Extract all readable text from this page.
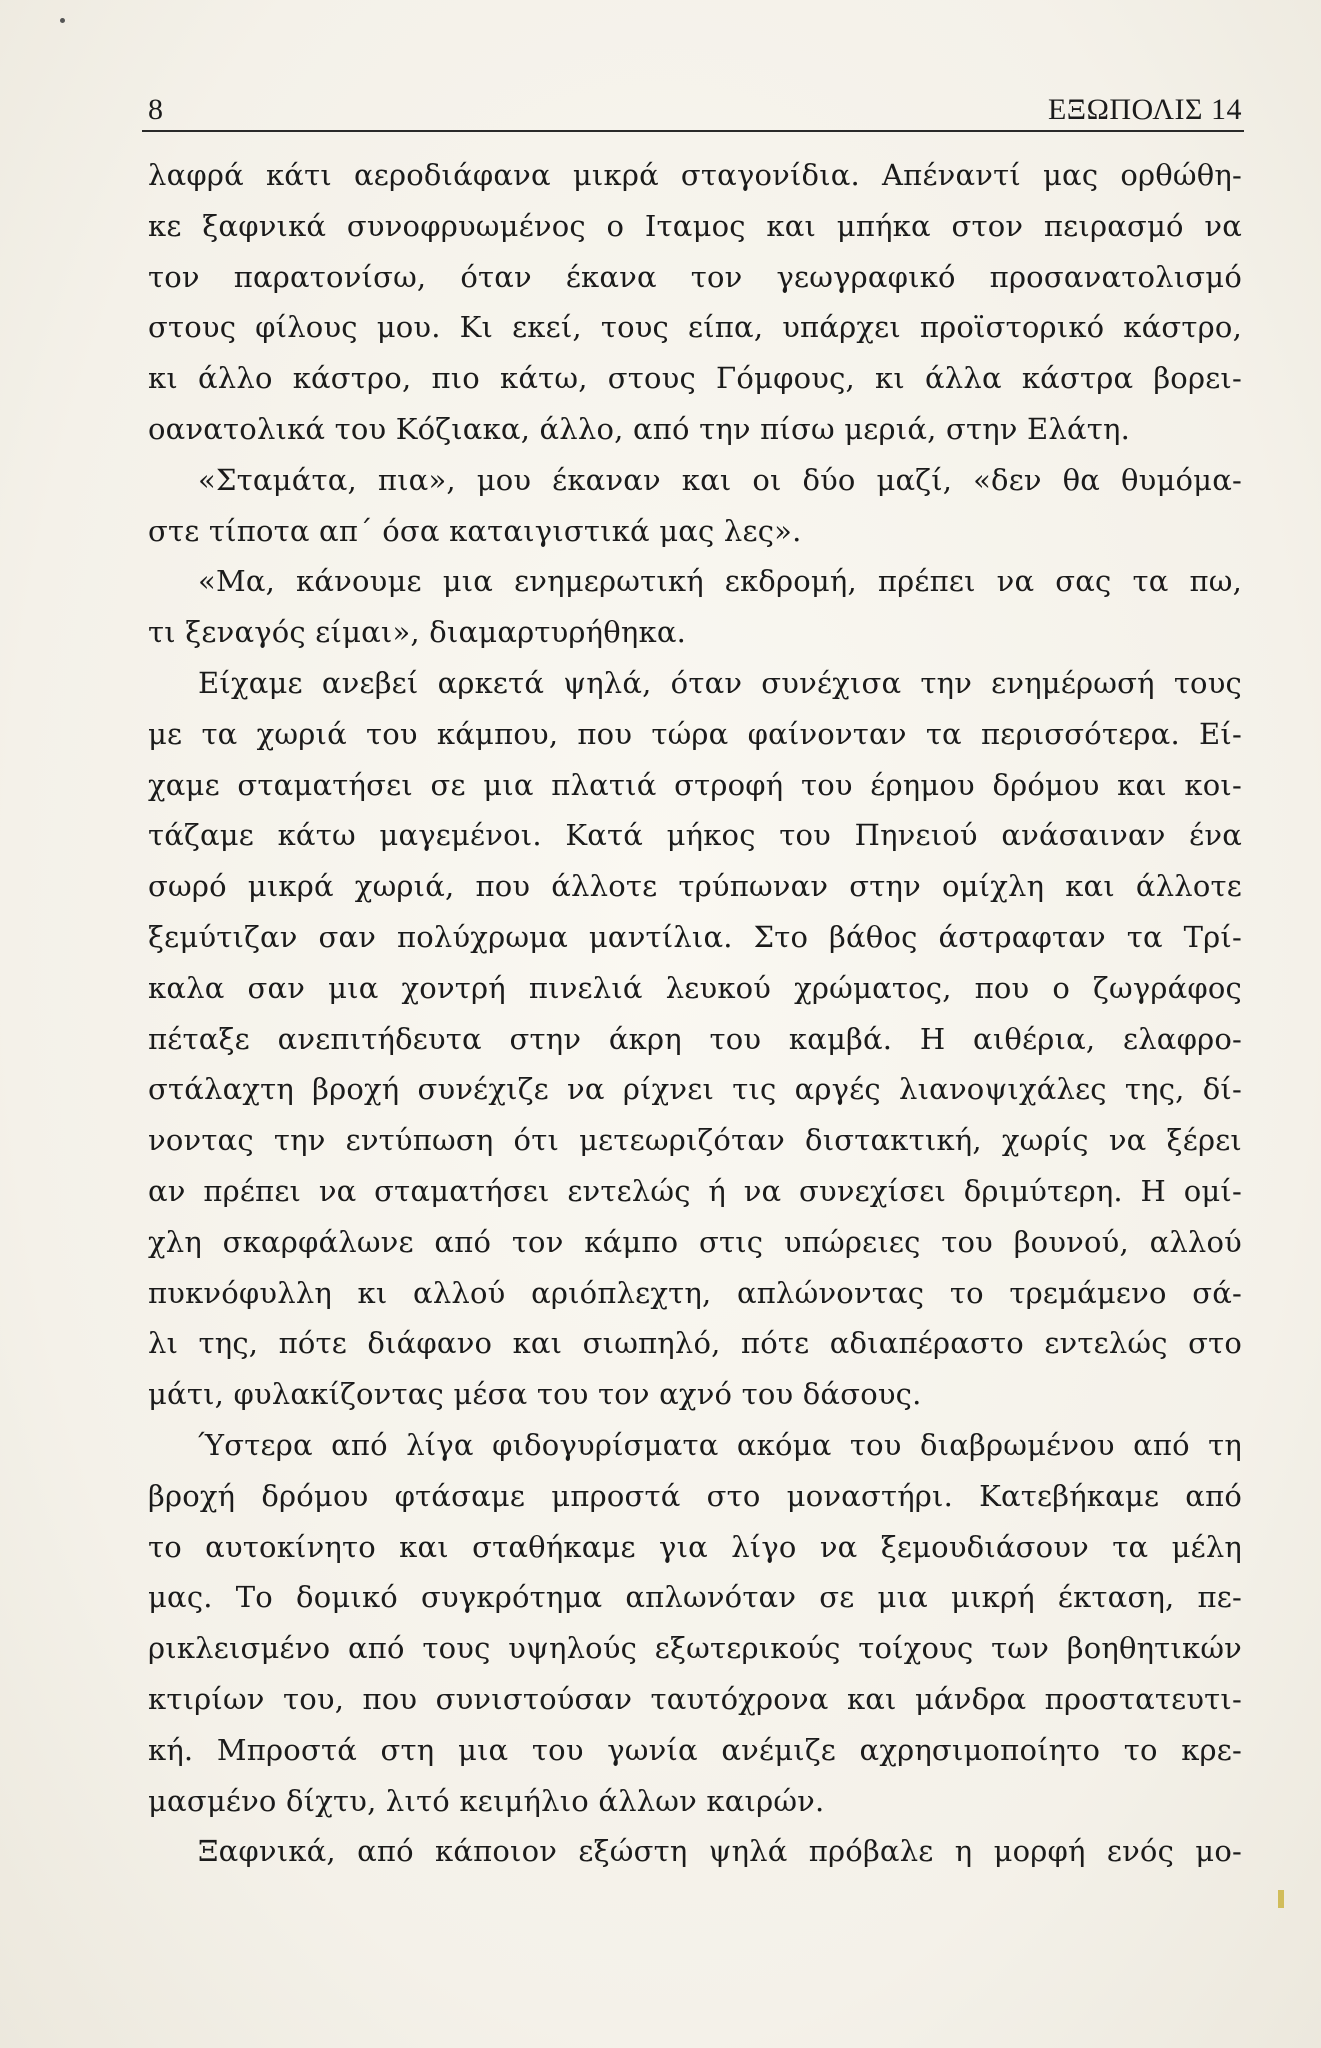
8	ΕΞΩΠΟΛΙΣ 14
λαφρά κάτι αεροδιάφανα μικρά σταγονίδια. Απέναντί μας ορθώθη-
κε ξαφνικά συνοφρυωμένος ο Ιταμος και μπήκα στον πειρασμό να
τον παρατονίσω, όταν έκανα τον γεωγραφικό προσανατολισμό
στους φίλους μου. Κι εκεί, τους είπα, υπάρχει προϊστορικό κάστρο,
κι άλλο κάστρο, πιο κάτω, στους Γόμφους, κι άλλα κάστρα βορει-
οανατολικά του Κόζιακα, άλλο, από την πίσω μεριά, στην Ελάτη.
«Σταμάτα, πια», μου έκαναν και οι δύο μαζί, «δεν θα θυμόμα-
στε τίποτα απ΄ όσα καταιγιστικά μας λες».
«Μα, κάνουμε μια ενημερωτική εκδρομή, πρέπει να σας τα πω,
τι ξεναγός είμαι», διαμαρτυρήθηκα.
Είχαμε ανεβεί αρκετά ψηλά, όταν συνέχισα την ενημέρωσή τους
με τα χωριά του κάμπου, που τώρα φαίνονταν τα περισσότερα. Εί-
χαμε σταματήσει σε μια πλατιά στροφή του έρημου δρόμου και κοι-
τάζαμε κάτω μαγεμένοι. Κατά μήκος του Πηνειού ανάσαιναν ένα
σωρό μικρά χωριά, που άλλοτε τρύπωναν στην ομίχλη και άλλοτε
ξεμύτιζαν σαν πολύχρωμα μαντίλια. Στο βάθος άστραφταν τα Τρί-
καλα σαν μια χοντρή πινελιά λευκού χρώματος, που ο ζωγράφος
πέταξε ανεπιτήδευτα στην άκρη του καμβά. Η αιθέρια, ελαφρο-
στάλαχτη βροχή συνέχιζε να ρίχνει τις αργές λιανοψιχάλες της, δί-
νοντας την εντύπωση ότι μετεωριζόταν διστακτική, χωρίς να ξέρει
αν πρέπει να σταματήσει εντελώς ή να συνεχίσει δριμύτερη. Η ομί-
χλη σκαρφάλωνε από τον κάμπο στις υπώρειες του βουνού, αλλού
πυκνόφυλλη κι αλλού αριόπλεχτη, απλώνοντας το τρεμάμενο σά-
λι της, πότε διάφανο και σιωπηλό, πότε αδιαπέραστο εντελώς στο
μάτι, φυλακίζοντας μέσα του τον αχνό του δάσους.
Ύστερα από λίγα φιδογυρίσματα ακόμα του διαβρωμένου από τη
βροχή δρόμου φτάσαμε μπροστά στο μοναστήρι. Κατεβήκαμε από
το αυτοκίνητο και σταθήκαμε για λίγο να ξεμουδιάσουν τα μέλη
μας. Το δομικό συγκρότημα απλωνόταν σε μια μικρή έκταση, πε-
ρικλεισμένο από τους υψηλούς εξωτερικούς τοίχους των βοηθητικών
κτιρίων του, που συνιστούσαν ταυτόχρονα και μάνδρα προστατευτι-
κή. Μπροστά στη μια του γωνία ανέμιζε αχρησιμοποίητο το κρε-
μασμένο δίχτυ, λιτό κειμήλιο άλλων καιρών.
Ξαφνικά, από κάποιον εξώστη ψηλά πρόβαλε η μορφή ενός μο-
